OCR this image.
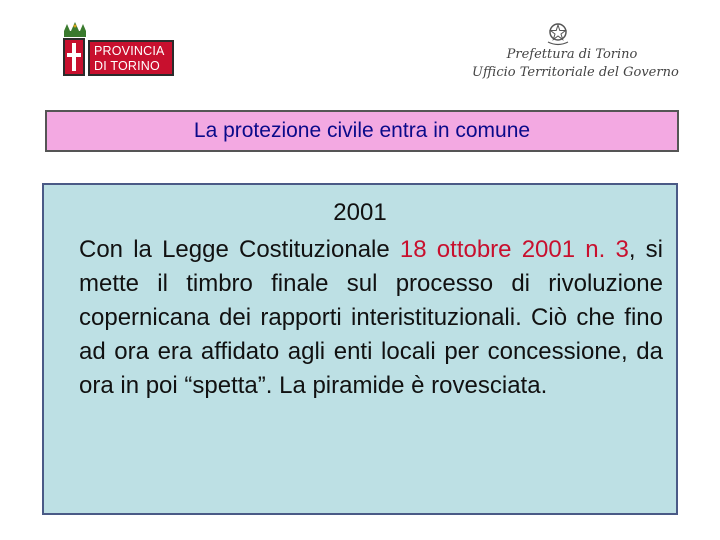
PROVINCIA
DI TORINO
Prefettura di Torino
Ufficio Territoriale del Governo
La protezione civile entra in comune
2001
Con la Legge Costituzionale 18 ottobre 2001 n. 3, si mette il timbro finale sul processo di rivoluzione copernicana dei rapporti interistituzionali. Ciò che fino ad ora era affidato agli enti locali per concessione, da ora in poi “spetta”. La piramide è rovesciata.
